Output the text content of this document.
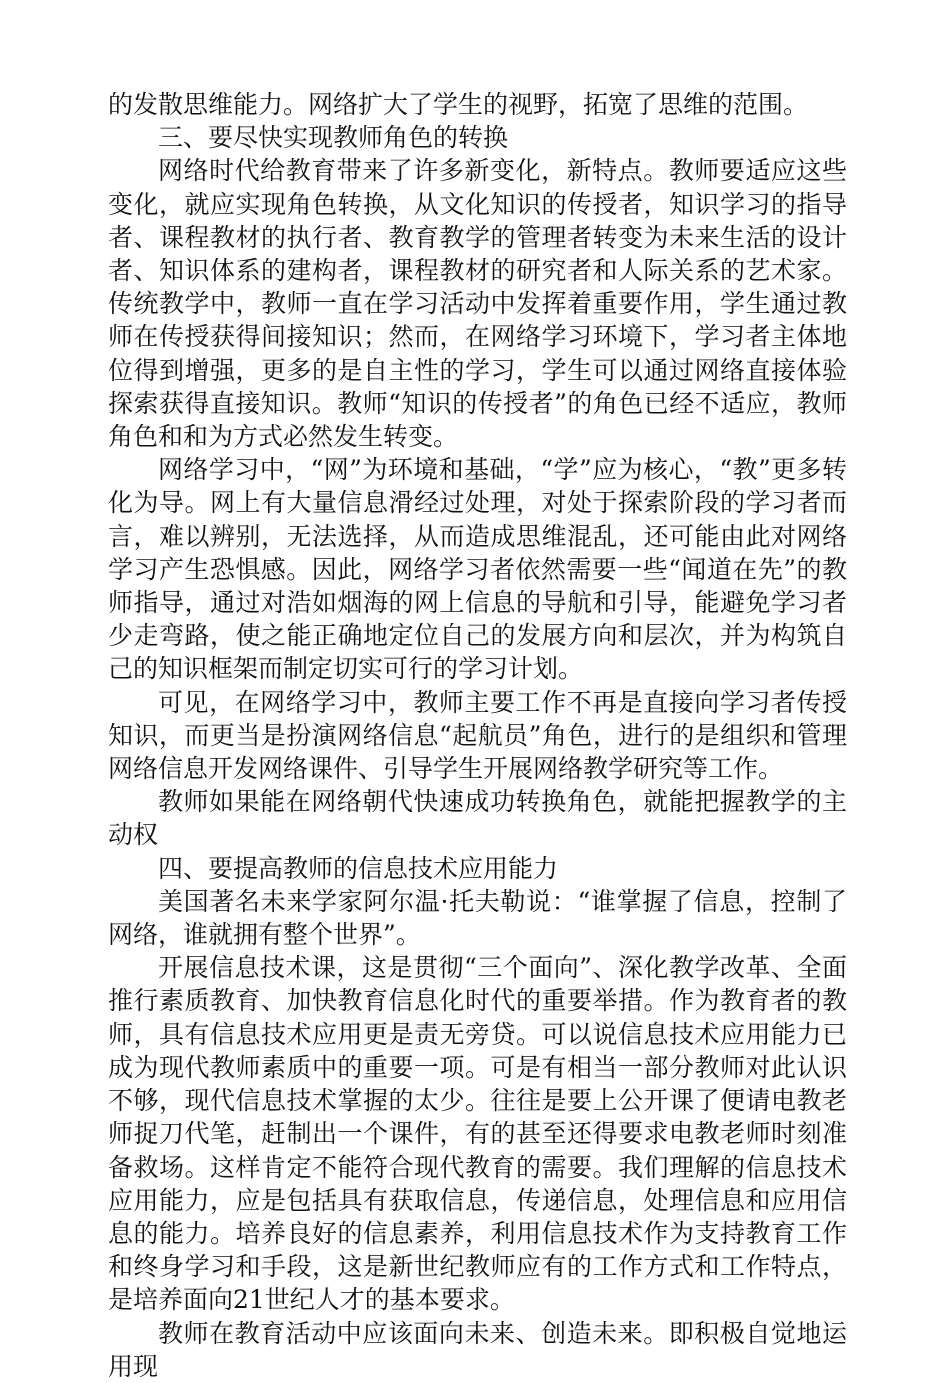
的发散思维能力。网络扩大了学生的视野，拓宽了思维的范围。

三、要尽快实现教师角色的转换

网络时代给教育带来了许多新变化，新特点。教师要适应这些变化，就应实现角色转换，从文化知识的传授者，知识学习的指导者、课程教材的执行者、教育教学的管理者转变为未来生活的设计者、知识体系的建构者，课程教材的研究者和人际关系的艺术家。传统教学中，教师一直在学习活动中发挥着重要作用，学生通过教师在传授获得间接知识；然而，在网络学习环境下，学习者主体地位得到增强，更多的是自主性的学习，学生可以通过网络直接体验探索获得直接知识。教师“知识的传授者”的角色已经不适应，教师角色和和为方式必然发生转变。

网络学习中，“网”为环境和基础，“学”应为核心，“教”更多转化为导。网上有大量信息滑经过处理，对处于探索阶段的学习者而言，难以辨别，无法选择，从而造成思维混乱，还可能由此对网络学习产生恐惧感。因此，网络学习者依然需要一些“闻道在先”的教师指导，通过对浩如烟海的网上信息的导航和引导，能避免学习者少走弯路，使之能正确地定位自己的发展方向和层次，并为构筑自己的知识框架而制定切实可行的学习计划。

可见，在网络学习中，教师主要工作不再是直接向学习者传授知识，而更当是扮演网络信息“起航员”角色，进行的是组织和管理网络信息开发网络课件、引导学生开展网络教学研究等工作。

教师如果能在网络朝代快速成功转换角色，就能把握教学的主动权

四、要提高教师的信息技术应用能力

美国著名未来学家阿尔温·托夫勒说：“谁掌握了信息，控制了网络，谁就拥有整个世界”。

开展信息技术课，这是贯彻“三个面向”、深化教学改革、全面推行素质教育、加快教育信息化时代的重要举措。作为教育者的教师，具有信息技术应用更是责无旁贷。可以说信息技术应用能力已成为现代教师素质中的重要一项。可是有相当一部分教师对此认识不够，现代信息技术掌握的太少。往往是要上公开课了便请电教老师捉刀代笔，赶制出一个课件，有的甚至还得要求电教老师时刻准备救场。这样肯定不能符合现代教育的需要。我们理解的信息技术应用能力，应是包括具有获取信息，传递信息，处理信息和应用信息的能力。培养良好的信息素养，利用信息技术作为支持教育工作和终身学习和手段，这是新世纪教师应有的工作方式和工作特点，是培养面向21世纪人才的基本要求。

教师在教育活动中应该面向未来、创造未来。即积极自觉地运用现
